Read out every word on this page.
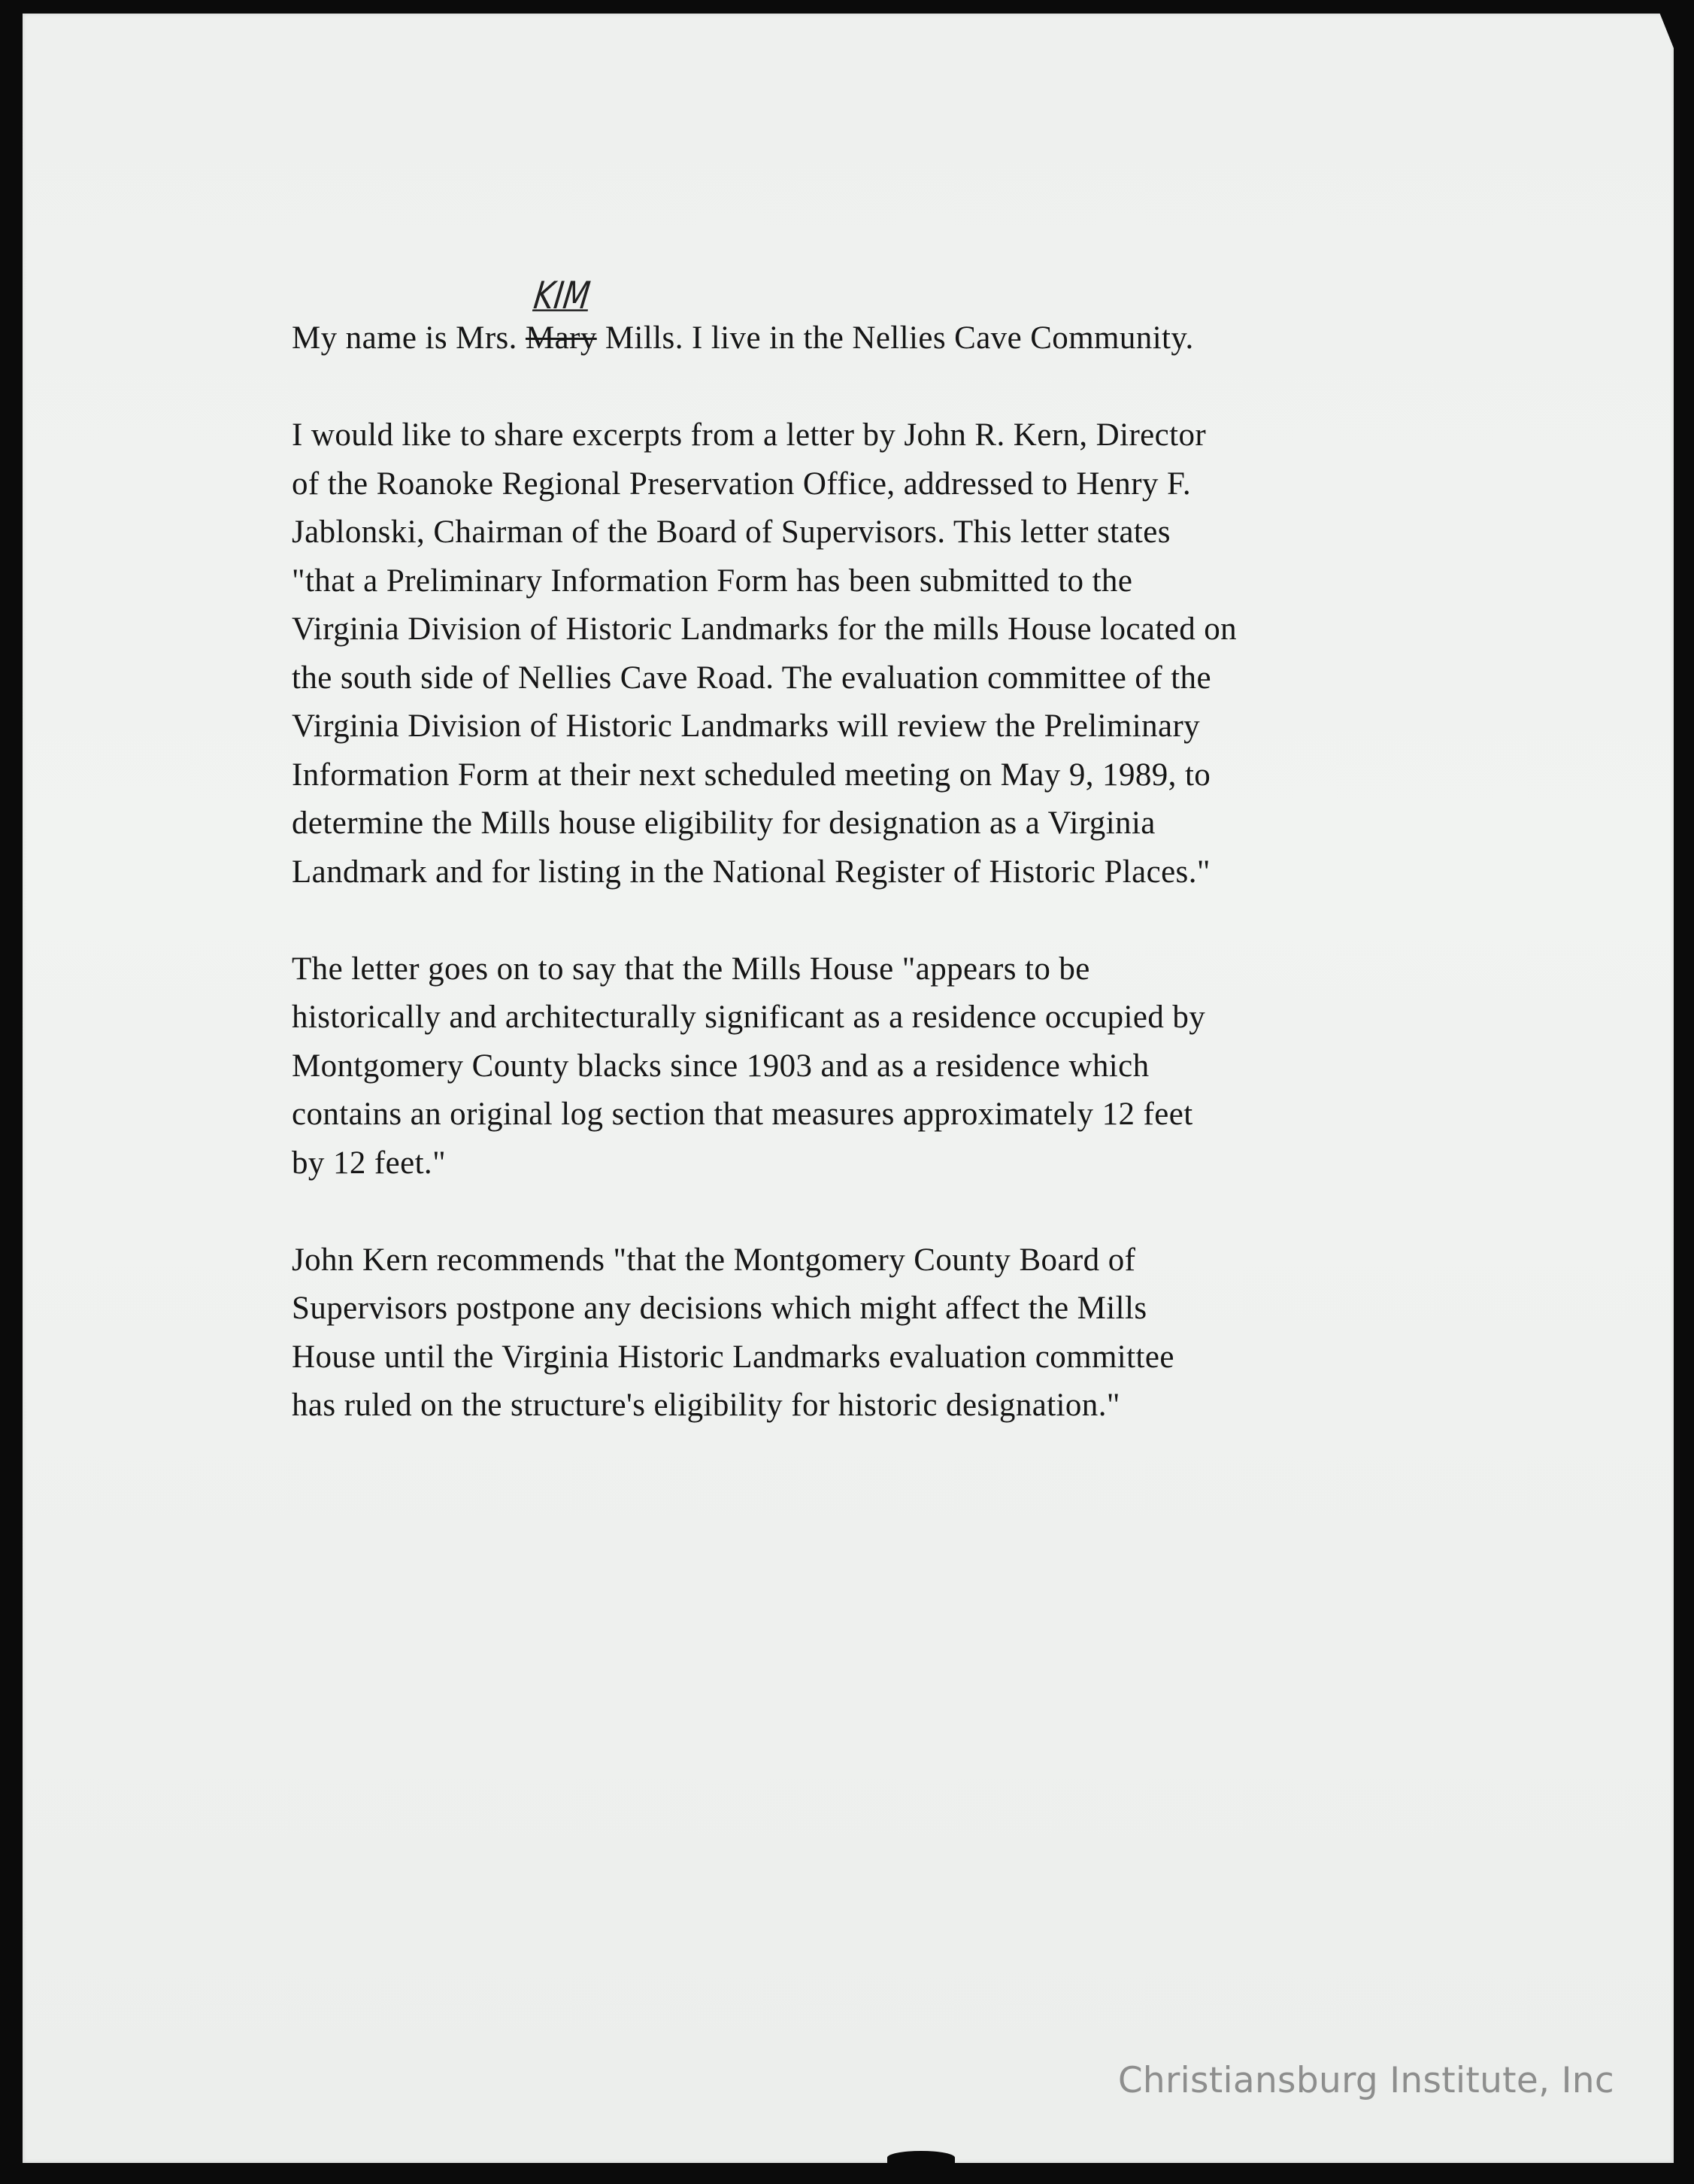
My name is Mrs. Mary
KIM
Mills. I live in the Nellies Cave Community.

I would like to share excerpts from a letter by John R. Kern, Director
of the Roanoke Regional Preservation Office, addressed to Henry F.
Jablonski, Chairman of the Board of Supervisors. This letter states
"that a Preliminary Information Form has been submitted to the
Virginia Division of Historic Landmarks for the mills House located on
the south side of Nellies Cave Road. The evaluation committee of the
Virginia Division of Historic Landmarks will review the Preliminary
Information Form at their next scheduled meeting on May 9, 1989, to
determine the Mills house eligibility for designation as a Virginia
Landmark and for listing in the National Register of Historic Places."

The letter goes on to say that the Mills House "appears to be
historically and architecturally significant as a residence occupied by
Montgomery County blacks since 1903 and as a residence which
contains an original log section that measures approximately 12 feet
by 12 feet."

John Kern recommends "that the Montgomery County Board of
Supervisors postpone any decisions which might affect the Mills
House until the Virginia Historic Landmarks evaluation committee
has ruled on the structure's eligibility for historic designation."

Christiansburg Institute, Inc
